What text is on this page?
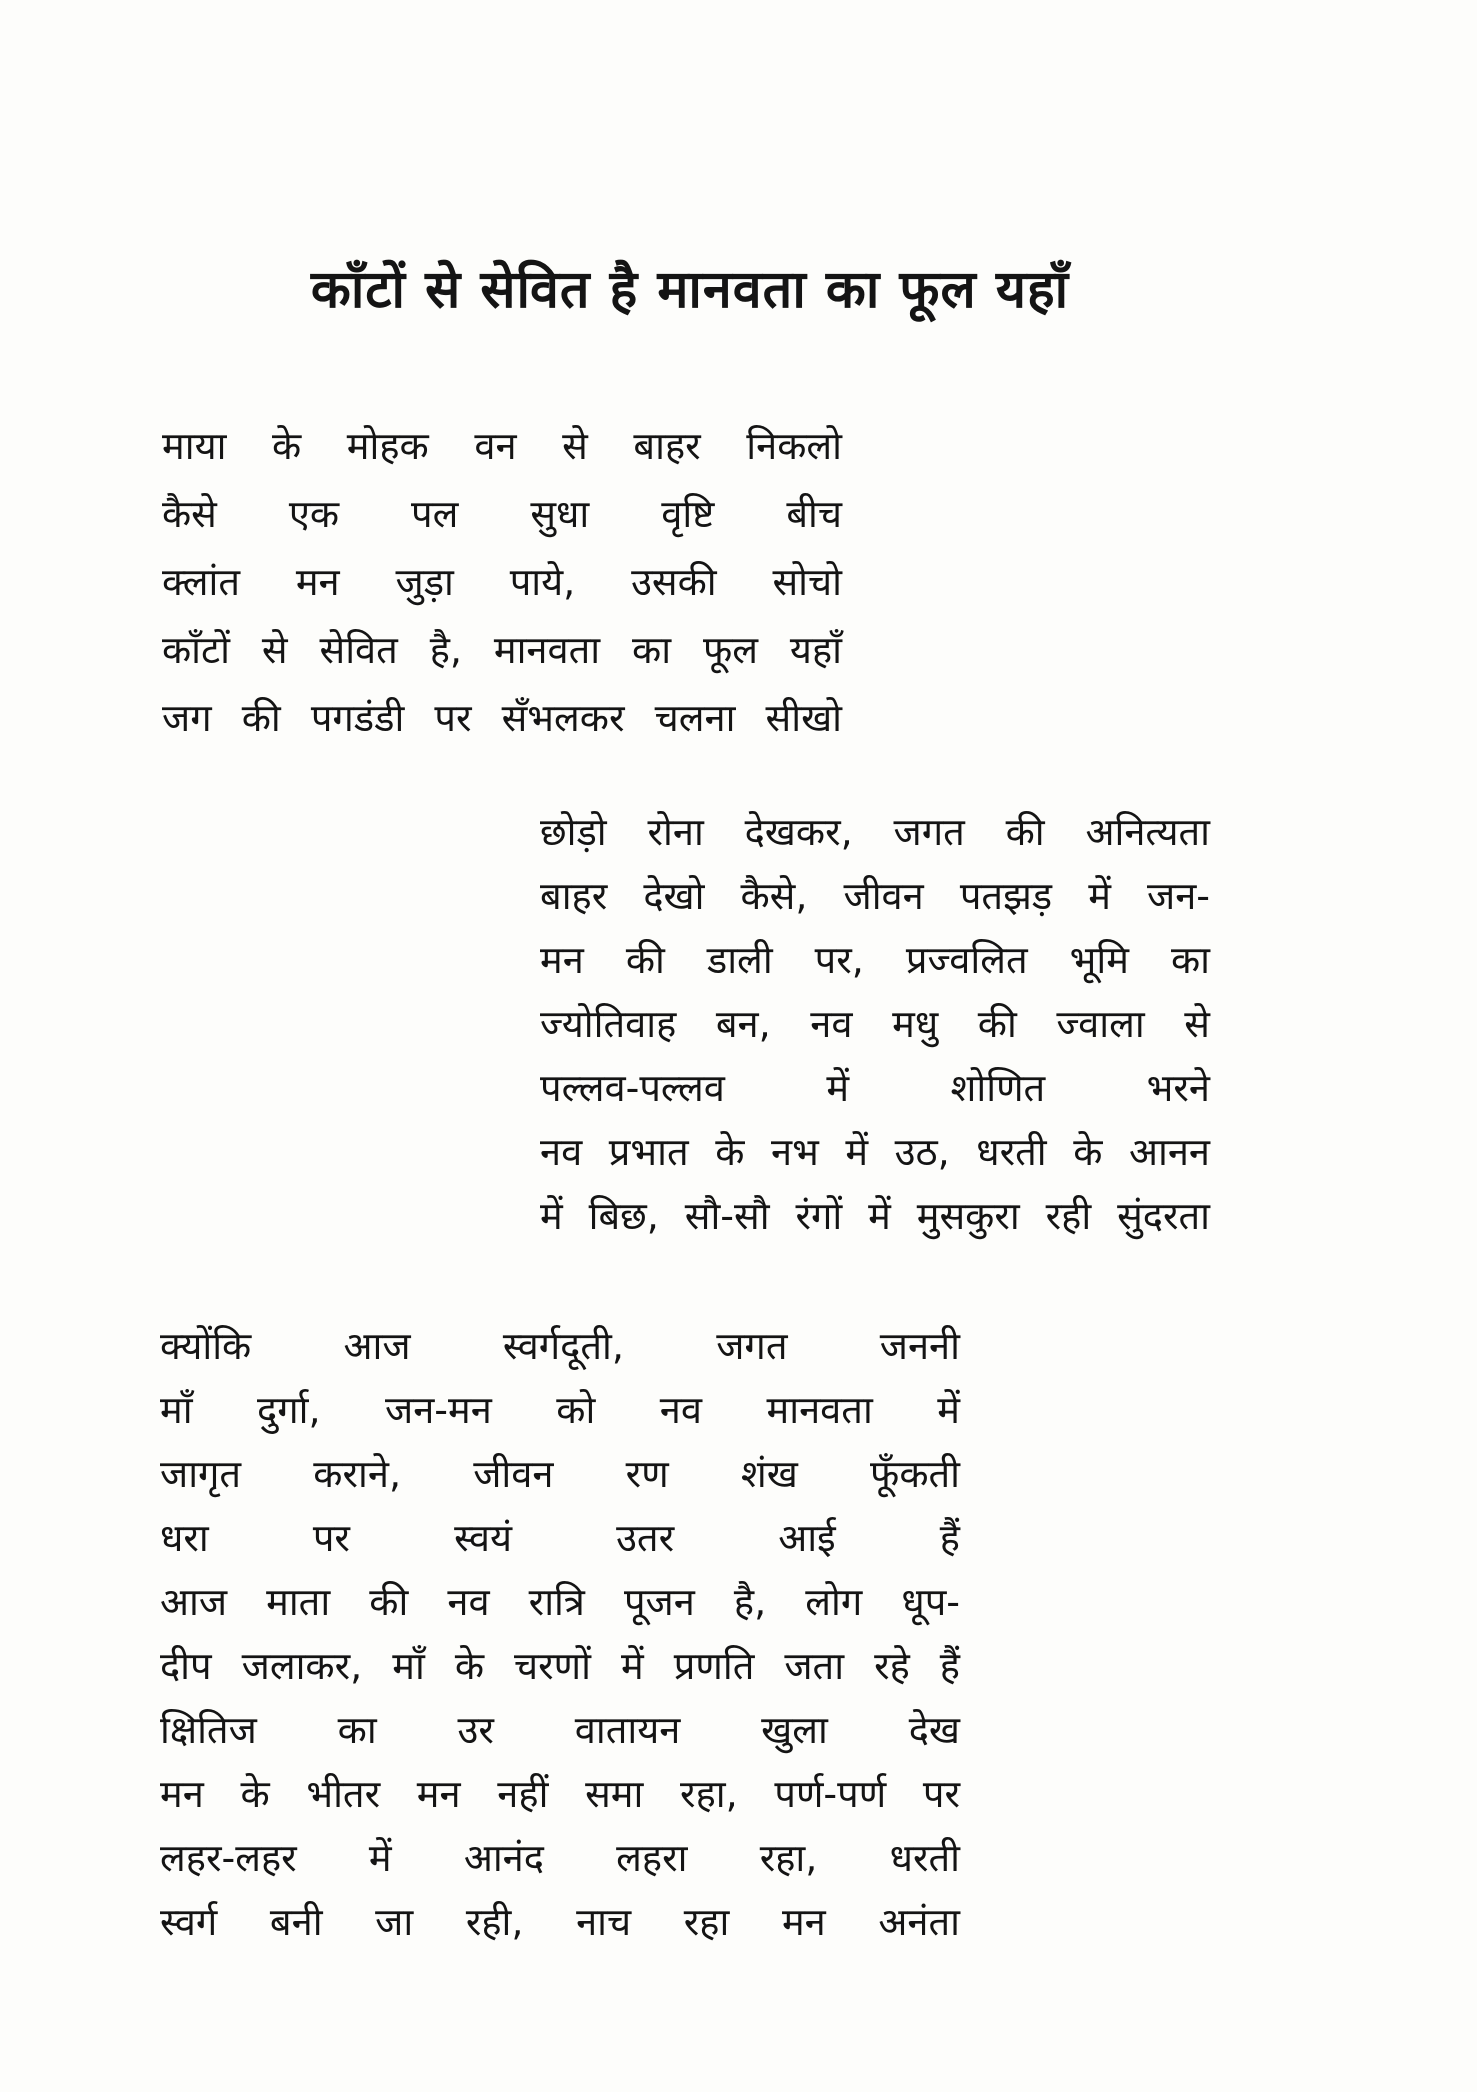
काँटों से सेवित है मानवता का फूल यहाँ
माया के मोहक वन से बाहर निकलो
कैसे एक पल सुधा वृष्टि बीच
क्लांत मन जुड़ा पाये, उसकी सोचो
काँटों से सेवित है, मानवता का फूल यहाँ
जग की पगडंडी पर सँभलकर चलना सीखो
छोड़ो रोना देखकर, जगत की अनित्यता
बाहर देखो कैसे, जीवन पतझड़ में जन-
मन की डाली पर, प्रज्वलित भूमि का
ज्योतिवाह बन, नव मधु की ज्वाला से
पल्लव-पल्लव में शोणित भरने
नव प्रभात के नभ में उठ, धरती के आनन
में बिछ, सौ-सौ रंगों में मुसकुरा रही सुंदरता
क्योंकि आज स्वर्गदूती, जगत जननी
माँ दुर्गा, जन-मन को नव मानवता में
जागृत कराने, जीवन रण शंख फूँकती
धरा पर स्वयं उतर आई हैं
आज माता की नव रात्रि पूजन है, लोग धूप-
दीप जलाकर, माँ के चरणों में प्रणति जता रहे हैं
क्षितिज का उर वातायन खुला देख
मन के भीतर मन नहीं समा रहा, पर्ण-पर्ण पर
लहर-लहर में आनंद लहरा रहा, धरती
स्वर्ग बनी जा रही, नाच रहा मन अनंता
